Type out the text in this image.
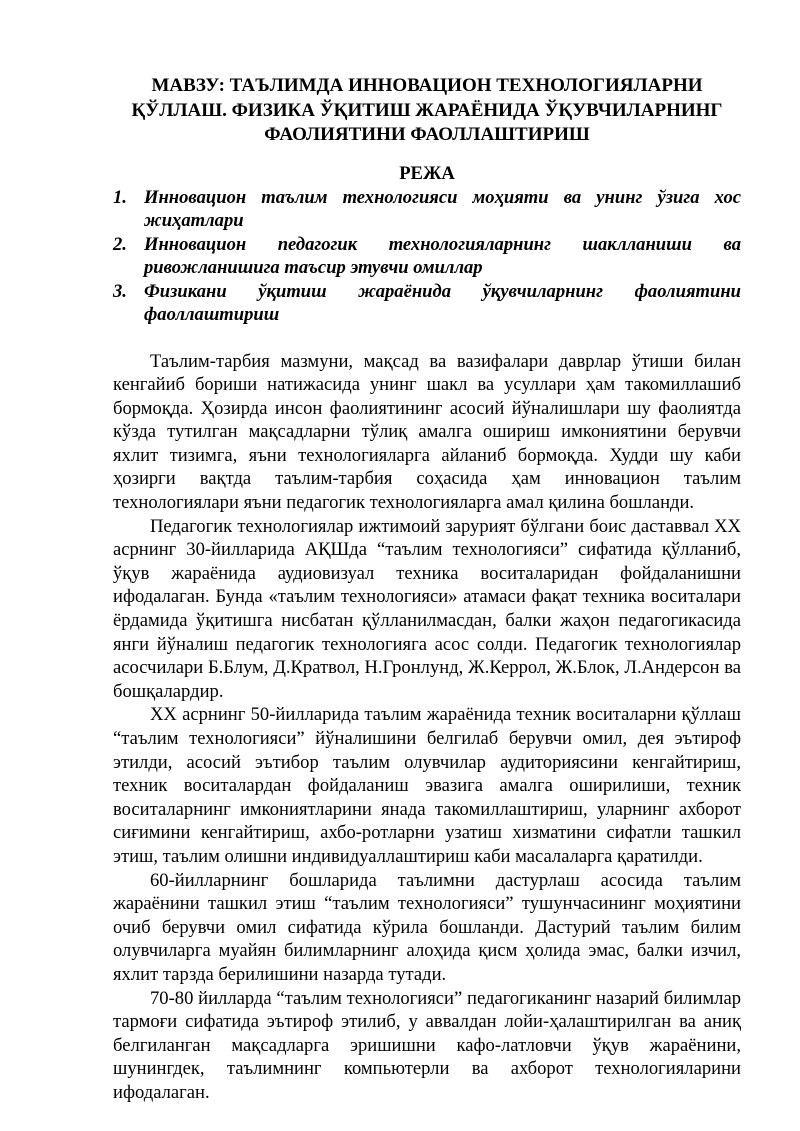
МАВЗУ: ТАЪЛИМДА ИННОВАЦИОН ТЕХНОЛОГИЯЛАРНИ ҚЎЛЛАШ. ФИЗИКА ЎҚИТИШ ЖАРАЁНИДА ЎҚУВЧИЛАРНИНГ ФАОЛИЯТИНИ ФАОЛЛАШТИРИШ
РЕЖА
1. Инновацион таълим технологияси моҳияти ва унинг ўзига хос жиҳатлари
2. Инновацион педагогик технологияларнинг шаклланиши ва ривожланишига таъсир этувчи омиллар
3. Физикани ўқитиш жараёнида ўқувчиларнинг фаолиятини фаоллаштириш

Таълим-тарбия мазмуни, мақсад ва вазифалари даврлар ўтиши билан кенгайиб бориши натижасида унинг шакл ва усуллари ҳам такомиллашиб бормоқда. Ҳозирда инсон фаолиятининг асосий йўналишлари шу фаолиятда кўзда тутилган мақсадларни тўлиқ амалга ошириш имкониятини берувчи яхлит тизимга, яъни технологияларга айланиб бормоқда. Худди шу каби ҳозирги вақтда таълим-тарбия соҳасида ҳам инновацион таълим технологиялари яъни педагогик технологияларга амал қилина бошланди.

Педагогик технологиялар ижтимоий зарурият бўлгани боис даставвал ХХ асрнинг 30-йилларида АҚШда “таълим технологияси” сифатида қўлланиб, ўқув жараёнида аудиовизуал техника воситаларидан фойдаланишни ифодалаган. Бунда «таълим технологияси» атамаси фақат техника воситалари ёрдамида ўқитишга нисбатан қўлланилмасдан, балки жаҳон педагогикасида янги йўналиш педагогик технологияга асос солди. Педагогик технологиялар асосчилари Б.Блум, Д.Кратвол, Н.Гронлунд, Ж.Керрол, Ж.Блок, Л.Андерсон ва бошқалардир.

ХХ асрнинг 50-йилларида таълим жараёнида техник воситаларни қўллаш “таълим технологияси” йўналишини белгилаб берувчи омил, дея эътироф этилди, асосий эътибор таълим олувчилар аудиториясини кенгайтириш, техник воситалардан фойдаланиш эвазига амалга оширилиши, техник воситаларнинг имкониятларини янада такомиллаштириш, уларнинг ахборот сиғимини кенгайтириш, ахбо-ротларни узатиш хизматини сифатли ташкил этиш, таълим олишни индивидуаллаштириш каби масалаларга қаратилди.

60-йилларнинг бошларида таълимни дастурлаш асосида таълим жараёнини ташкил этиш “таълим технологияси” тушунчасининг моҳиятини очиб берувчи омил сифатида кўрила бошланди. Дастурий таълим билим олувчиларга муайян билимларнинг алоҳида қисм ҳолида эмас, балки изчил, яхлит тарзда берилишини назарда тутади.

70-80 йилларда “таълим технологияси” педагогиканинг назарий билимлар тармоғи сифатида эътироф этилиб, у аввалдан лойи-ҳалаштирилган ва аниқ белгиланган мақсадларга эришишни кафо-латловчи ўқув жараёнини, шунингдек, таълимнинг компьютерли ва ахборот технологияларини ифодалаган.
